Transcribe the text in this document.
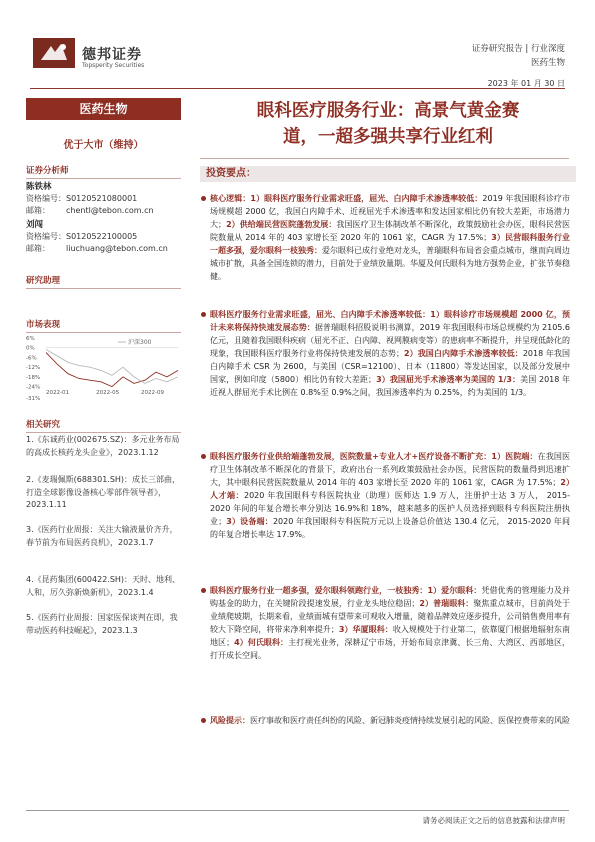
德邦证券
Topsperity Securities
证券研究报告 | 行业深度
医药生物
2023 年 01 月 30 日
医药生物
优于大市（维持）
证券分析师
陈铁林
资格编号：S0120521080001
邮箱： chentl@tebon.com.cn
刘闯
资格编号：S0120522100005
邮箱： liuchuang@tebon.com.cn
研究助理
市场表现
6%
0%
-6%
-12%
-18%
-24%
-31%
沪深300
2022-01	2022-05	2022-09
相关研究
1.《东诚药业(002675.SZ)：多元业务布局的高成长核药龙头企业》，2023.1.12
2.《麦瑞佩斯(688301.SH)：成长三部曲，打造全球影像设备核心零部件领导者》，2023.1.11
3.《医药行业周报：关注大输液量价齐升，春节前为布局医药良机》，2023.1.7
4.《昆药集团(600422.SH)：天时、地利、人和，厉久弥新焕新机》，2023.1.4
5.《医药行业周报：国家医保谈判在即，我带动医药科技崛起》，2023.1.3
眼科医疗服务行业：高景气黄金赛
道，一超多强共享行业红利
投资要点：
核心逻辑：1）眼科医疗服务行业需求旺盛，屈光、白内障手术渗透率较低：2019 年我国眼科诊疗市场规模超 2000 亿，我国白内障手术、近视屈光手术渗透率和发达国家相比仍有较大差距，市场潜力大；2）供给端民营医院蓬勃发展：我国医疗卫生体制改革不断深化，政策鼓励社会办医，眼科民营医院数量从 2014 年的 403 家增长至 2020 年的 1061 家，CAGR 为 17.5%；3）民营眼科服务行业一超多强，爱尔眼科一枝独秀：爱尔眼科已成行业绝对龙头，普瑞眼科布局省会重点城市，继而向周边城市扩散，具备全国连锁的潜力，目前处于业绩放量期。华厦及何氏眼科为地方强势企业，扩张节奏稳健。
眼科医疗服务行业需求旺盛，屈光、白内障手术渗透率较低：1）眼科诊疗市场规模超 2000 亿，预计未来将保持快速发展态势：据普瑞眼科招股说明书测算，2019 年我国眼科市场总规模约为 2105.6 亿元，且随着我国眼科疾病（屈光不正、白内障、视网膜病变等）的患病率不断提升，并呈现低龄化的现象，我国眼科医疗服务行业将保持快速发展的态势；2）我国白内障手术渗透率较低：2018 年我国白内障手术 CSR 为 2600，与美国（CSR=12100）、日本（11800）等发达国家，以及部分发展中国家，例如印度（5800）相比仍有较大差距；3）我国屈光手术渗透率为美国的 1/3：美国 2018 年近视人群屈光手术比例在 0.8%至 0.9%之间，我国渗透率约为 0.25%，约为美国的 1/3。
眼科医疗服务行业供给端蓬勃发展，医院数量+专业人才+医疗设备不断扩充：1）医院端：在我国医疗卫生体制改革不断深化的背景下，政府出台一系列政策鼓励社会办医，民营医院的数量得到迅速扩大，其中眼科民营医院数量从 2014 年的 403 家增长至 2020 年的 1061 家，CAGR 为 17.5%；2）人才端：2020 年我国眼科专科医院执业（助理）医师达 1.9 万人，注册护士达 3 万人， 2015-2020 年间的年复合增长率分别达 16.9%和 18%，越来越多的医护人员选择到眼科专科医院注册执业；3）设备端：2020 年我国眼科专科医院万元以上设备总价值达 130.4 亿元， 2015-2020 年间的年复合增长率达 17.9%。
眼科医疗服务行业一超多强，爱尔眼科领跑行业，一枝独秀：1）爱尔眼科：凭借优秀的管理能力及并购基金的助力，在关键阶段提速发展，行业龙头地位稳固；2）普瑞眼科：聚焦重点城市，目前尚处于业绩爬坡期，长期来看，业绩面城有望带来可观收入增量，随着品牌效应逐步提升，公司销售费用率有较大下降空间，将带来净利率提升；3）华厦眼科：收入规模处于行业第二，依靠厦门根据地辐射东南地区；4）何氏眼科：主打视光业务，深耕辽宁市场，开始布局京津冀、长三角、大湾区、西部地区，打开成长空间。
风险提示：医疗事故和医疗责任纠纷的风险、新冠肺炎疫情持续发展引起的风险、医保控费带来的风险
请务必阅读正文之后的信息披露和法律声明
